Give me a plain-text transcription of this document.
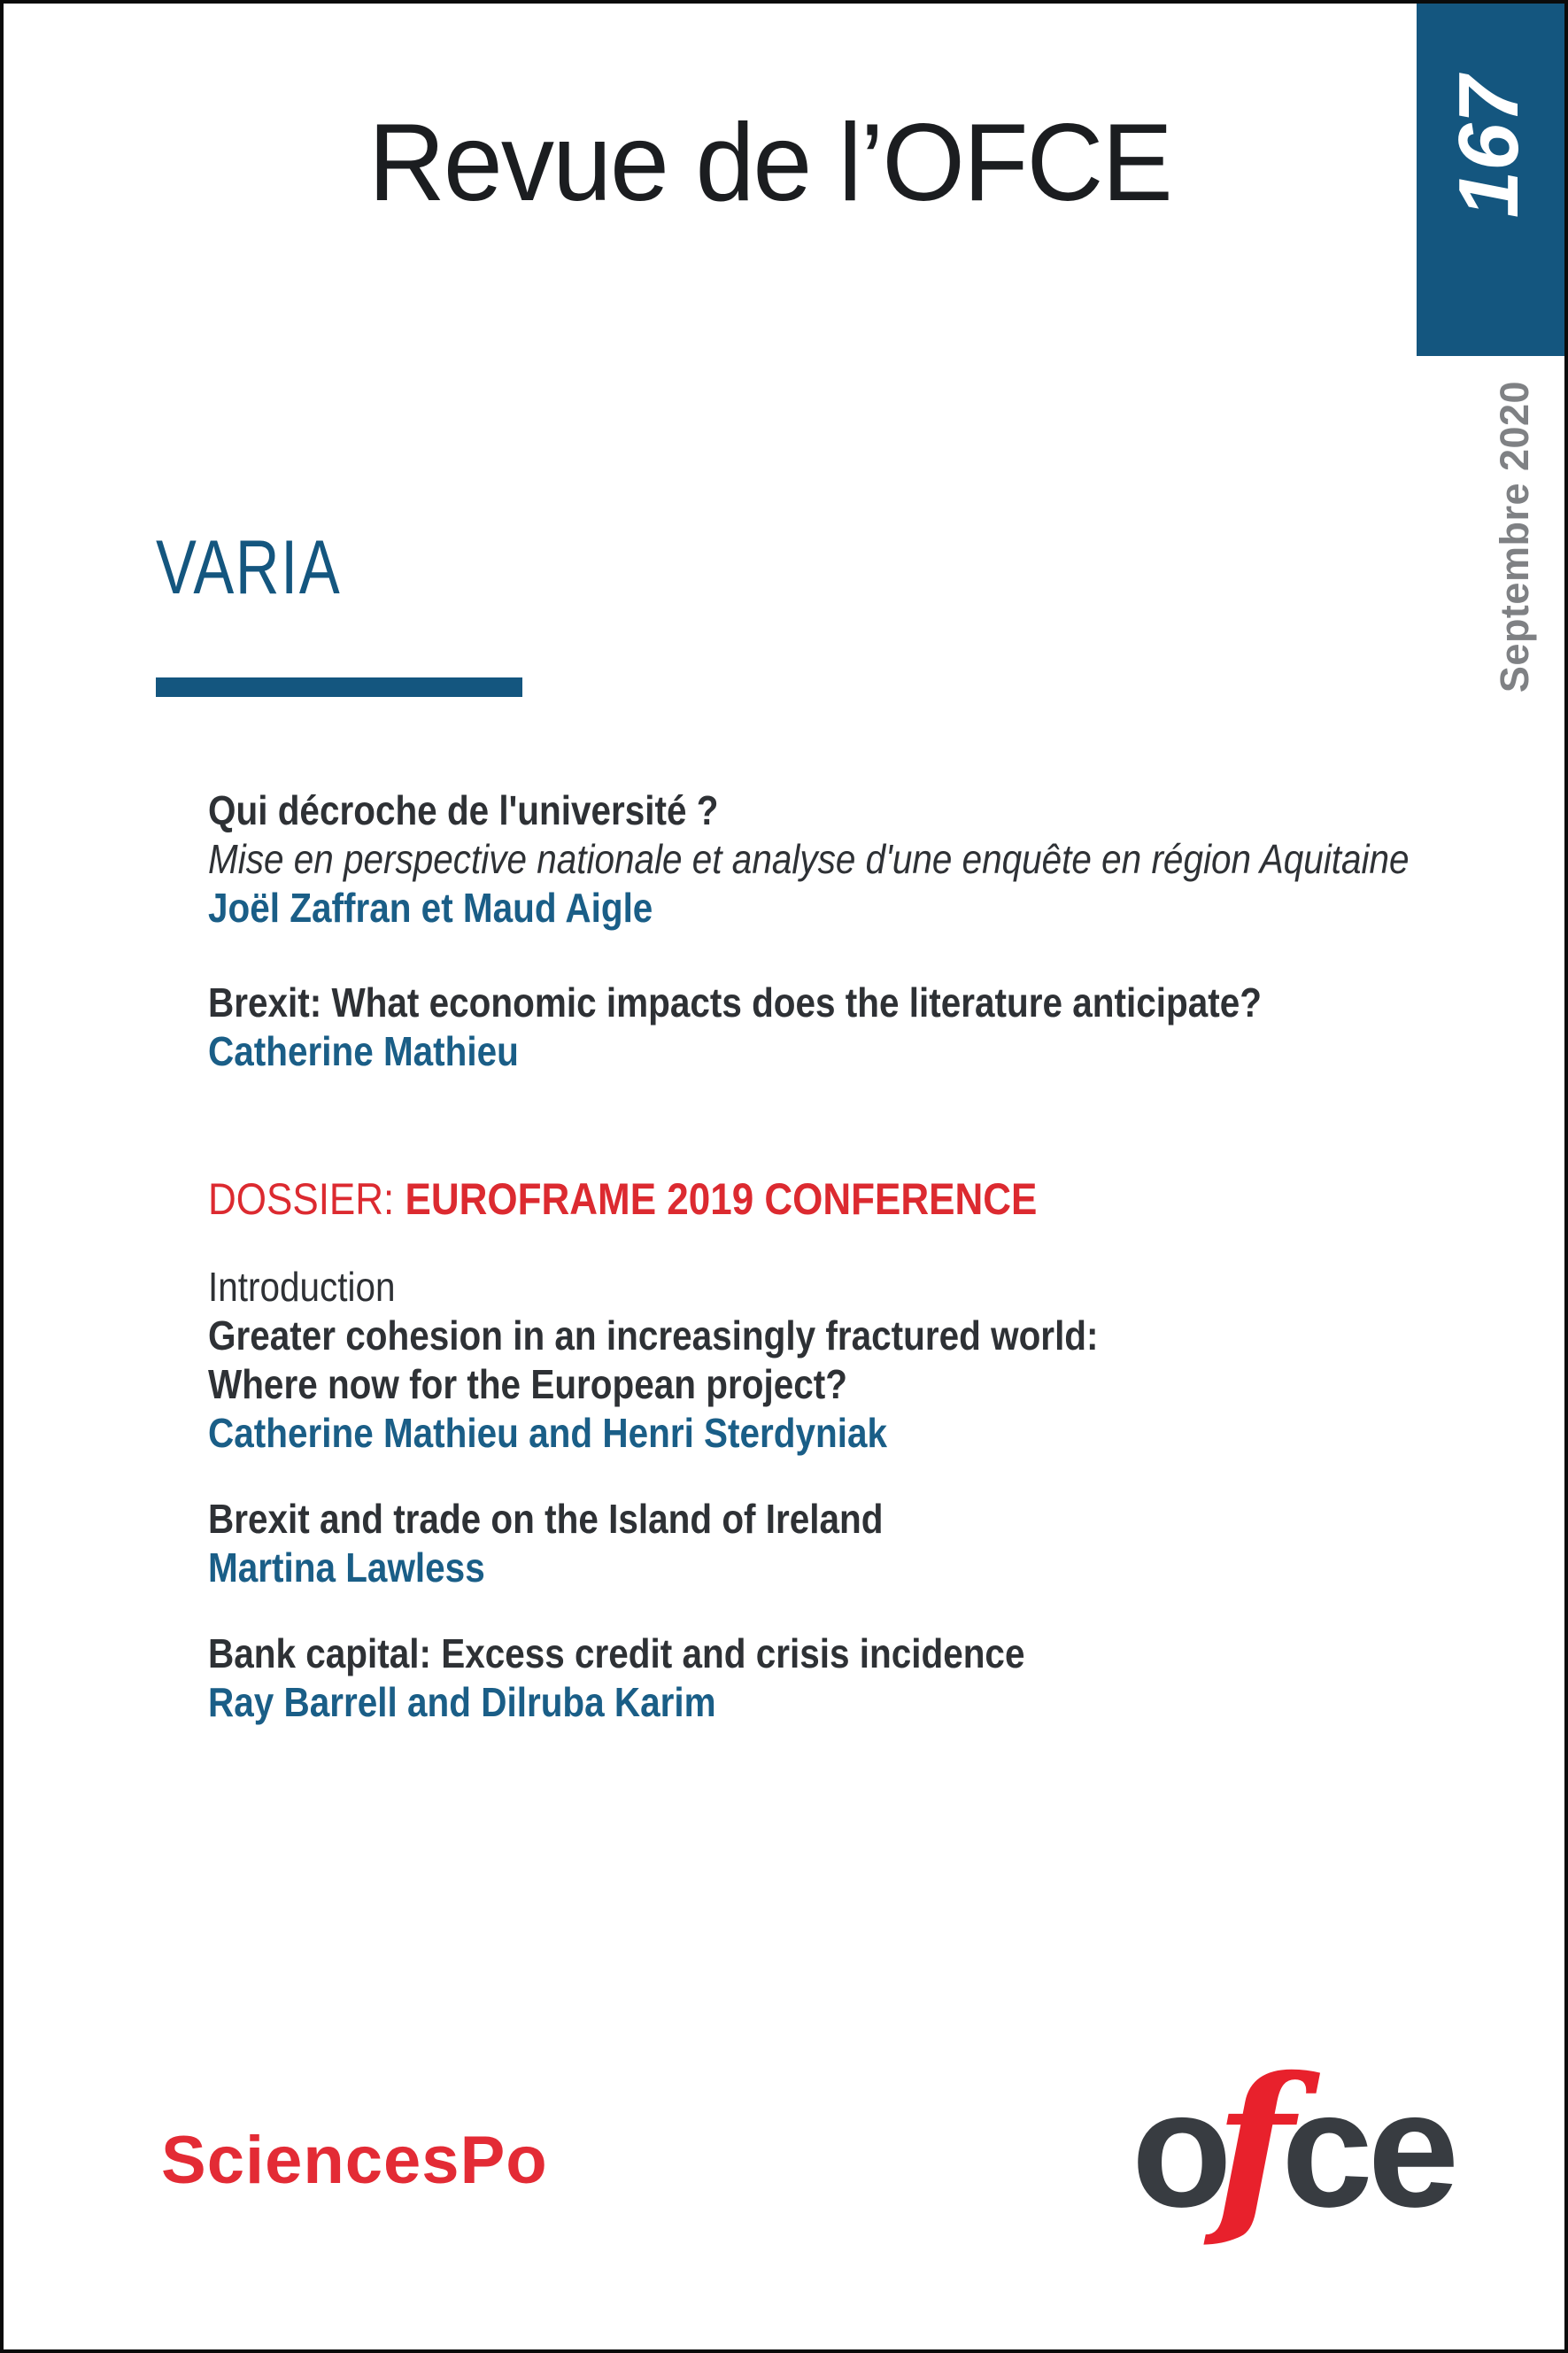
Revue de l’OFCE	167
Septembre 2020
VARIA
Qui décroche de l'université ?
Mise en perspective nationale et analyse d'une enquête en région Aquitaine
Joël Zaffran et Maud Aigle
Brexit: What economic impacts does the literature anticipate?
Catherine Mathieu
DOSSIER: EUROFRAME 2019 CONFERENCE
Introduction
Greater cohesion in an increasingly fractured world:
Where now for the European project?
Catherine Mathieu and Henri Sterdyniak
Brexit and trade on the Island of Ireland
Martina Lawless
Bank capital: Excess credit and crisis incidence
Ray Barrell and Dilruba Karim
SciencesPo	ofce
